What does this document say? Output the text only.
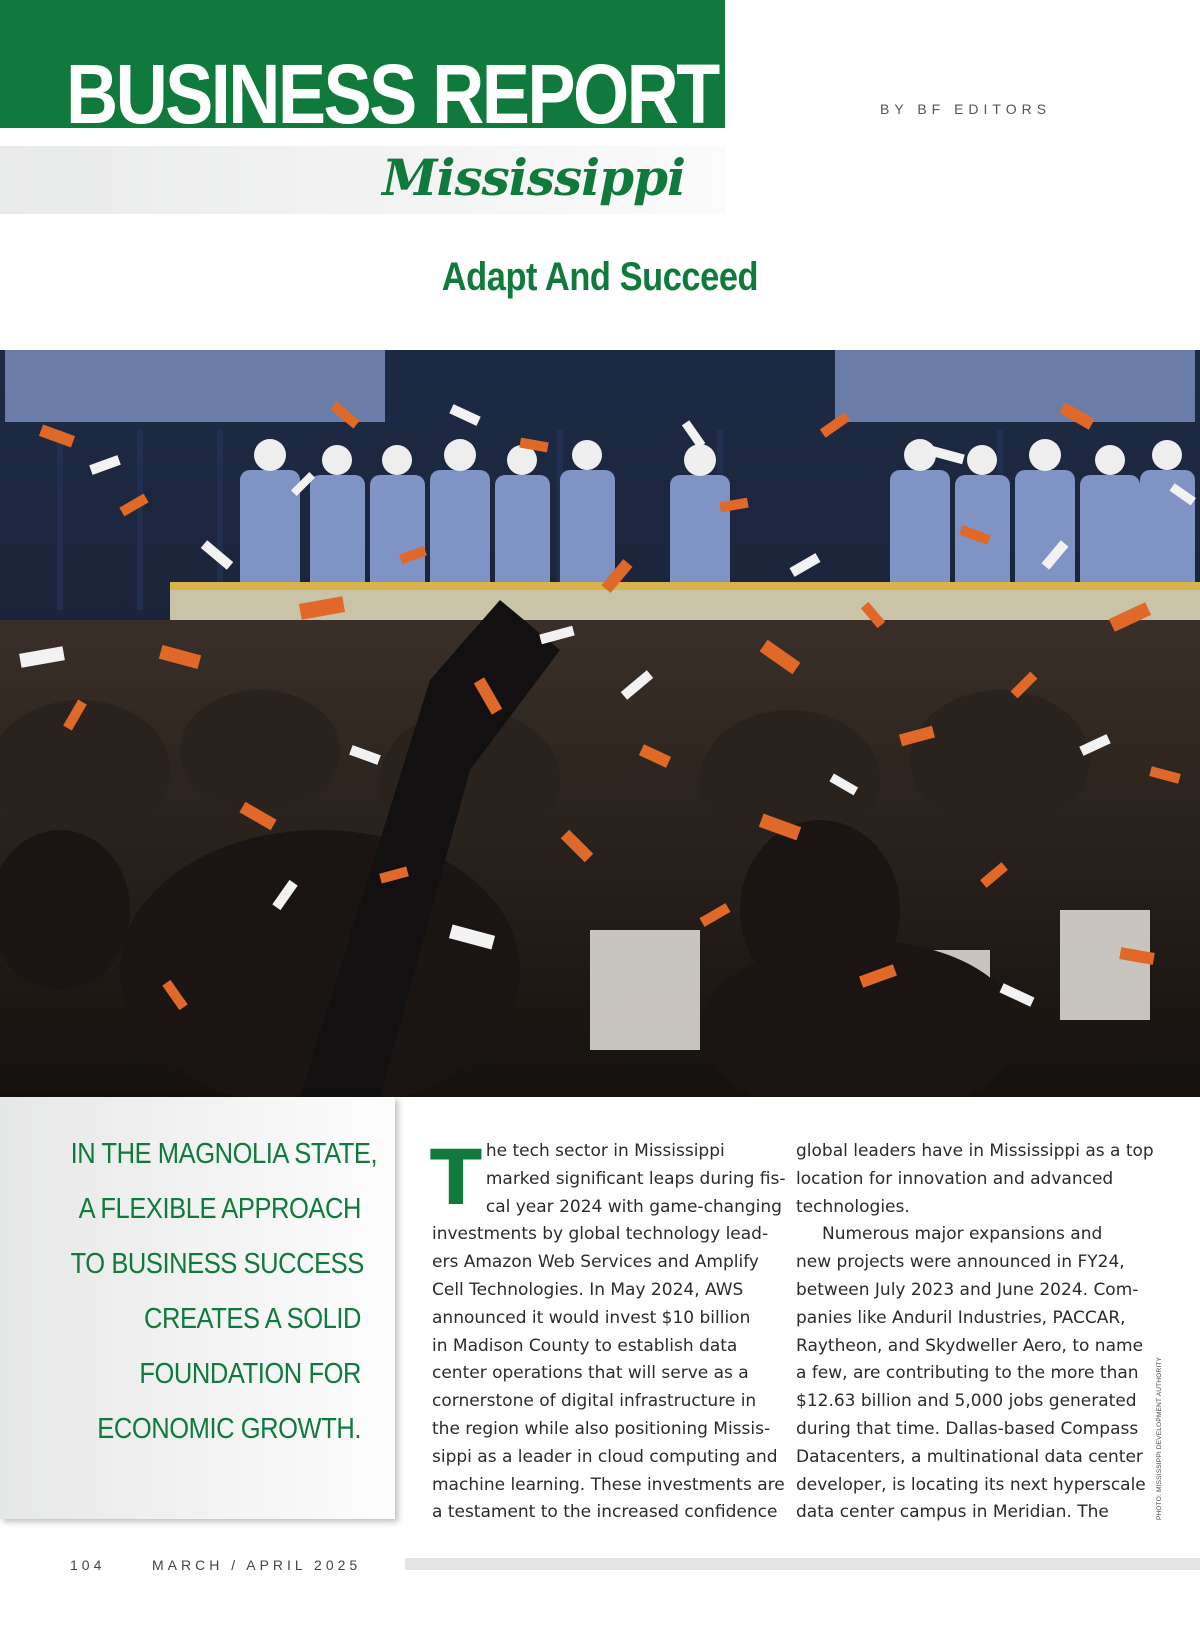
BUSINESS REPORT
Mississippi
BY BF EDITORS
Adapt And Succeed
IN THE MAGNOLIA STATE,
A FLEXIBLE APPROACH
TO BUSINESS SUCCESS
CREATES A SOLID
FOUNDATION FOR
ECONOMIC GROWTH.
T he tech sector in Mississippi
marked significant leaps during fis-
cal year 2024 with game-changing
investments by global technology lead-
ers Amazon Web Services and Amplify
Cell Technologies. In May 2024, AWS
announced it would invest $10 billion
in Madison County to establish data
center operations that will serve as a
cornerstone of digital infrastructure in
the region while also positioning Missis-
sippi as a leader in cloud computing and
machine learning. These investments are
a testament to the increased confidence
global leaders have in Mississippi as a top
location for innovation and advanced
technologies.
Numerous major expansions and
new projects were announced in FY24,
between July 2023 and June 2024. Com-
panies like Anduril Industries, PACCAR,
Raytheon, and Skydweller Aero, to name
a few, are contributing to the more than
$12.63 billion and 5,000 jobs generated
during that time. Dallas-based Compass
Datacenters, a multinational data center
developer, is locating its next hyperscale
data center campus in Meridian. The	PHOTO: MISSISSIPPI DEVELOPMENT AUTHORITY
104	MARCH / APRIL 2025
